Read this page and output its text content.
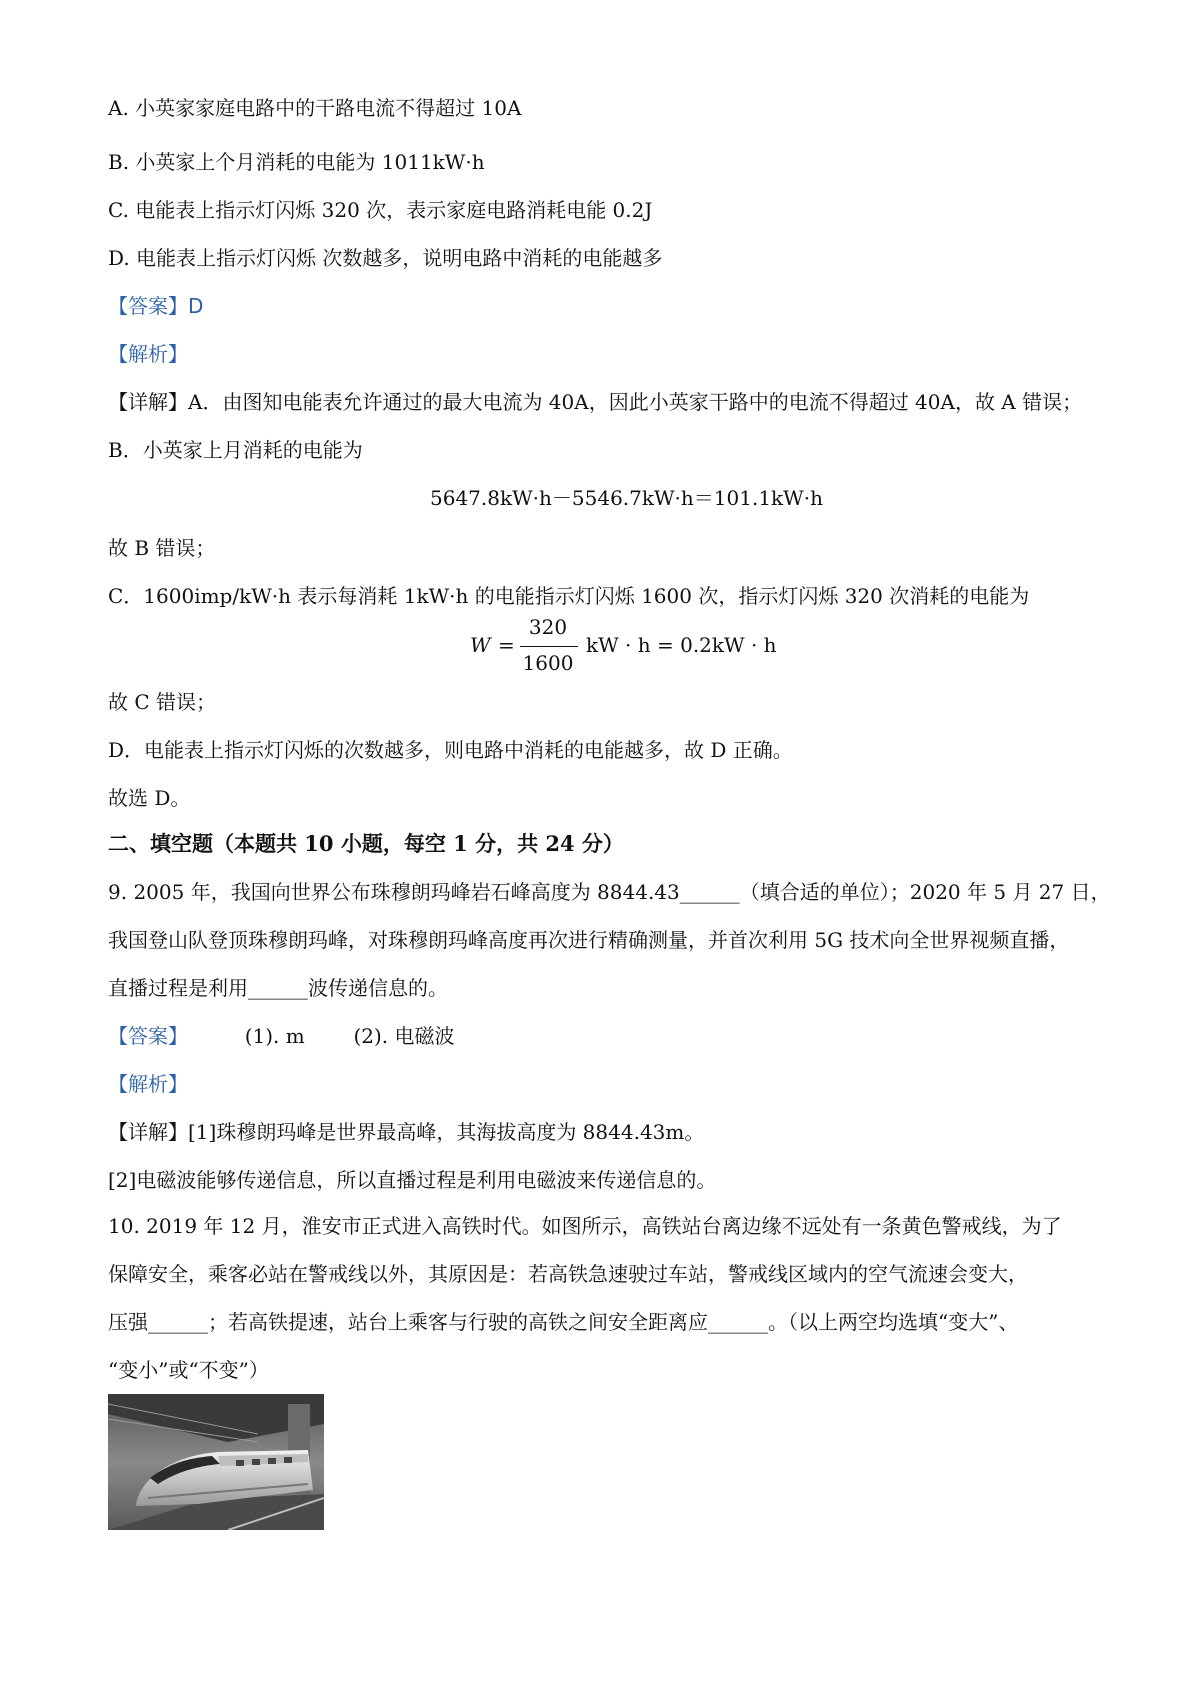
A. 小英家家庭电路中的干路电流不得超过 10A
B. 小英家上个月消耗的电能为 1011kW·h
C. 电能表上指示灯闪烁 320 次，表示家庭电路消耗电能 0.2J
D. 电能表上指示灯闪烁 次数越多，说明电路中消耗的电能越多
【答案】D
【解析】
【详解】A．由图知电能表允许通过的最大电流为 40A，因此小英家干路中的电流不得超过 40A，故 A 错误；
B．小英家上月消耗的电能为
5647.8kW·h－5546.7kW·h＝101.1kW·h
故 B 错误；
C．1600imp/kW·h 表示每消耗 1kW·h 的电能指示灯闪烁 1600 次，指示灯闪烁 320 次消耗的电能为
W =
320
1600
kW · h = 0.2kW · h
故 C 错误；
D．电能表上指示灯闪烁的次数越多，则电路中消耗的电能越多，故 D 正确。
故选 D。
二、填空题（本题共 10 小题，每空 1 分，共 24 分）
9. 2005 年，我国向世界公布珠穆朗玛峰岩石峰高度为 8844.43______（填合适的单位）；2020 年 5 月 27 日，
我国登山队登顶珠穆朗玛峰，对珠穆朗玛峰高度再次进行精确测量，并首次利用 5G 技术向全世界视频直播，
直播过程是利用______波传递信息的。
【答案】	(1). m (2). 电磁波
【解析】
【详解】[1]珠穆朗玛峰是世界最高峰，其海拔高度为 8844.43m。
[2]电磁波能够传递信息，所以直播过程是利用电磁波来传递信息的。
10. 2019 年 12 月，淮安市正式进入高铁时代。如图所示，高铁站台离边缘不远处有一条黄色警戒线，为了
保障安全，乘客必站在警戒线以外，其原因是：若高铁急速驶过车站，警戒线区域内的空气流速会变大，
压强______；若高铁提速，站台上乘客与行驶的高铁之间安全距离应______。（以上两空均选填“变大”、
“变小”或“不变”）
